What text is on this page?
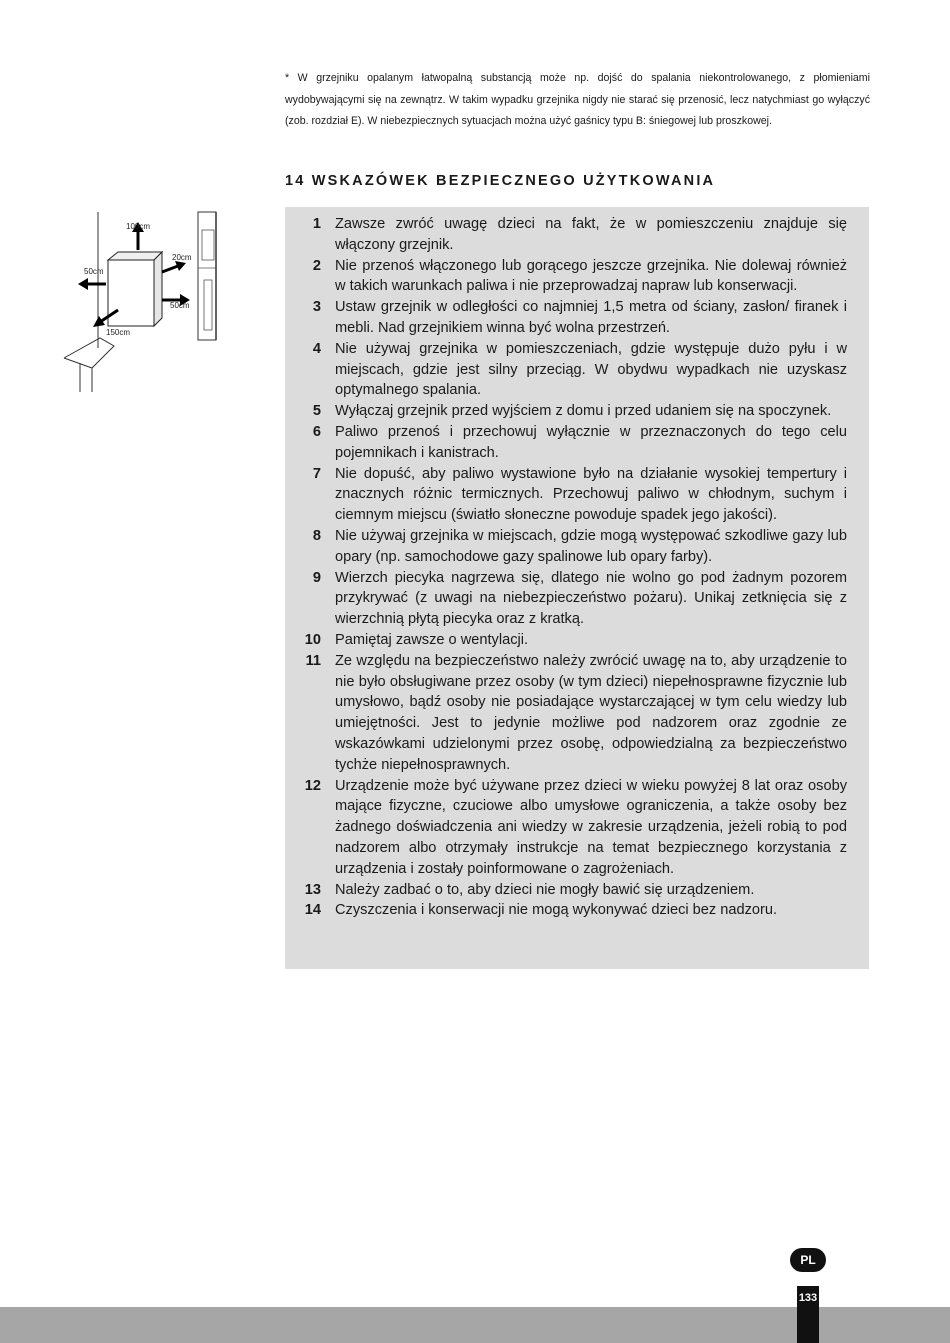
* W grzejniku opalanym łatwopalną substancją może np. dojść do spalania niekontrolowanego, z płomieniami wydobywającymi się na zewnątrz. W takim wypadku grzejnika nigdy nie starać się przenosić, lecz natychmiast go wyłączyć (zob. rozdział E). W niebezpiecznych sytuacjach można użyć gaśnicy typu B: śniegowej lub proszkowej.
14 WSKAZÓWEK BEZPIECZNEGO UŻYTKOWANIA
100cm
20cm
50cm
50cm
150cm
1 Zawsze zwróć uwagę dzieci na fakt, że w pomieszczeniu znajduje się włączony grzejnik.
2 Nie przenoś włączonego lub gorącego jeszcze grzejnika. Nie dolewaj również w takich warunkach paliwa i nie przeprowadzaj napraw lub konserwacji.
3 Ustaw grzejnik w odległości co najmniej 1,5 metra od ściany, zasłon/ firanek i mebli. Nad grzejnikiem winna być wolna przestrzeń.
4 Nie używaj grzejnika w pomieszczeniach, gdzie występuje dużo pyłu i w miejscach, gdzie jest silny przeciąg. W obydwu wypadkach nie uzyskasz optymalnego spalania.
5 Wyłączaj grzejnik przed wyjściem z domu i przed udaniem się na spoczynek.
6 Paliwo przenoś i przechowuj wyłącznie w przeznaczonych do tego celu pojemnikach i kanistrach.
7 Nie dopuść, aby paliwo wystawione było na działanie wysokiej tempertury i znacznych różnic termicznych. Przechowuj paliwo w chłodnym, suchym i ciemnym miejscu (światło słoneczne powoduje spadek jego jakości).
8 Nie używaj grzejnika w miejscach, gdzie mogą występować szkodliwe gazy lub opary (np. samochodowe gazy spalinowe lub opary farby).
9 Wierzch piecyka nagrzewa się, dlatego nie wolno go pod żadnym pozorem przykrywać (z uwagi na niebezpieczeństwo pożaru). Unikaj zetknięcia się z wierzchnią płytą piecyka oraz z kratką.
10 Pamiętaj zawsze o wentylacji.
11 Ze względu na bezpieczeństwo należy zwrócić uwagę na to, aby urządzenie to nie było obsługiwane przez osoby (w tym dzieci) niepełnosprawne fizycznie lub umysłowo, bądź osoby nie posiadające wystarczającej w tym celu wiedzy lub umiejętności. Jest to jedynie możliwe pod nadzorem oraz zgodnie ze wskazówkami udzielonymi przez osobę, odpowiedzialną za bezpieczeństwo tychże niepełnosprawnych.
12 Urządzenie może być używane przez dzieci w wieku powyżej 8 lat oraz osoby mające fizyczne, czuciowe albo umysłowe ograniczenia, a także osoby bez żadnego doświadczenia ani wiedzy w zakresie urządzenia, jeżeli robią to pod nadzorem albo otrzymały instrukcje na temat bezpiecznego korzystania z urządzenia i zostały poinformowane o zagrożeniach.
13 Należy zadbać o to, aby dzieci nie mogły bawić się urządzeniem.
14 Czyszczenia i konserwacji nie mogą wykonywać dzieci bez nadzoru.
PL
133
